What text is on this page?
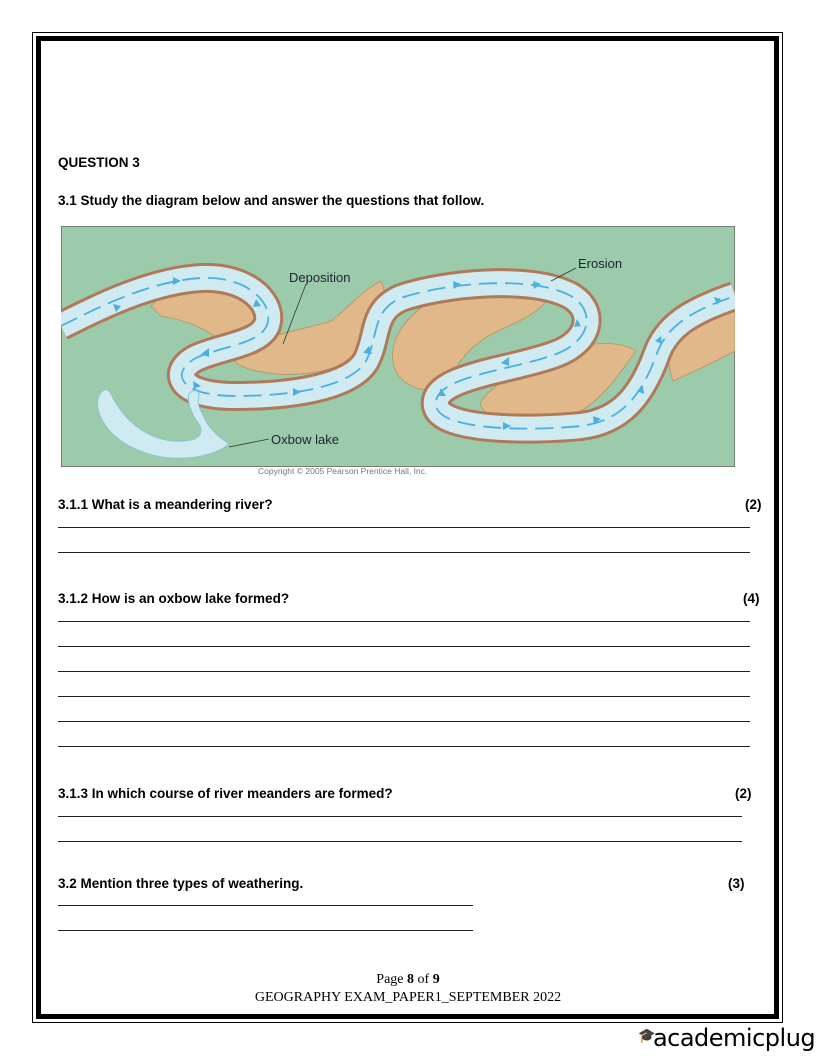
QUESTION 3
3.1 Study the diagram below and answer the questions that follow.
Deposition
Erosion
Oxbow lake
Copyright © 2005 Pearson Prentice Hall, Inc.
3.1.1 What is a meandering river?	(2)
3.1.2 How is an oxbow lake formed?	(4)
3.1.3 In which course of river meanders are formed?	(2)
3.2 Mention three types of weathering.	(3)
Page 8 of 9
GEOGRAPHY EXAM_PAPER1_SEPTEMBER 2022
🎓academicplug
